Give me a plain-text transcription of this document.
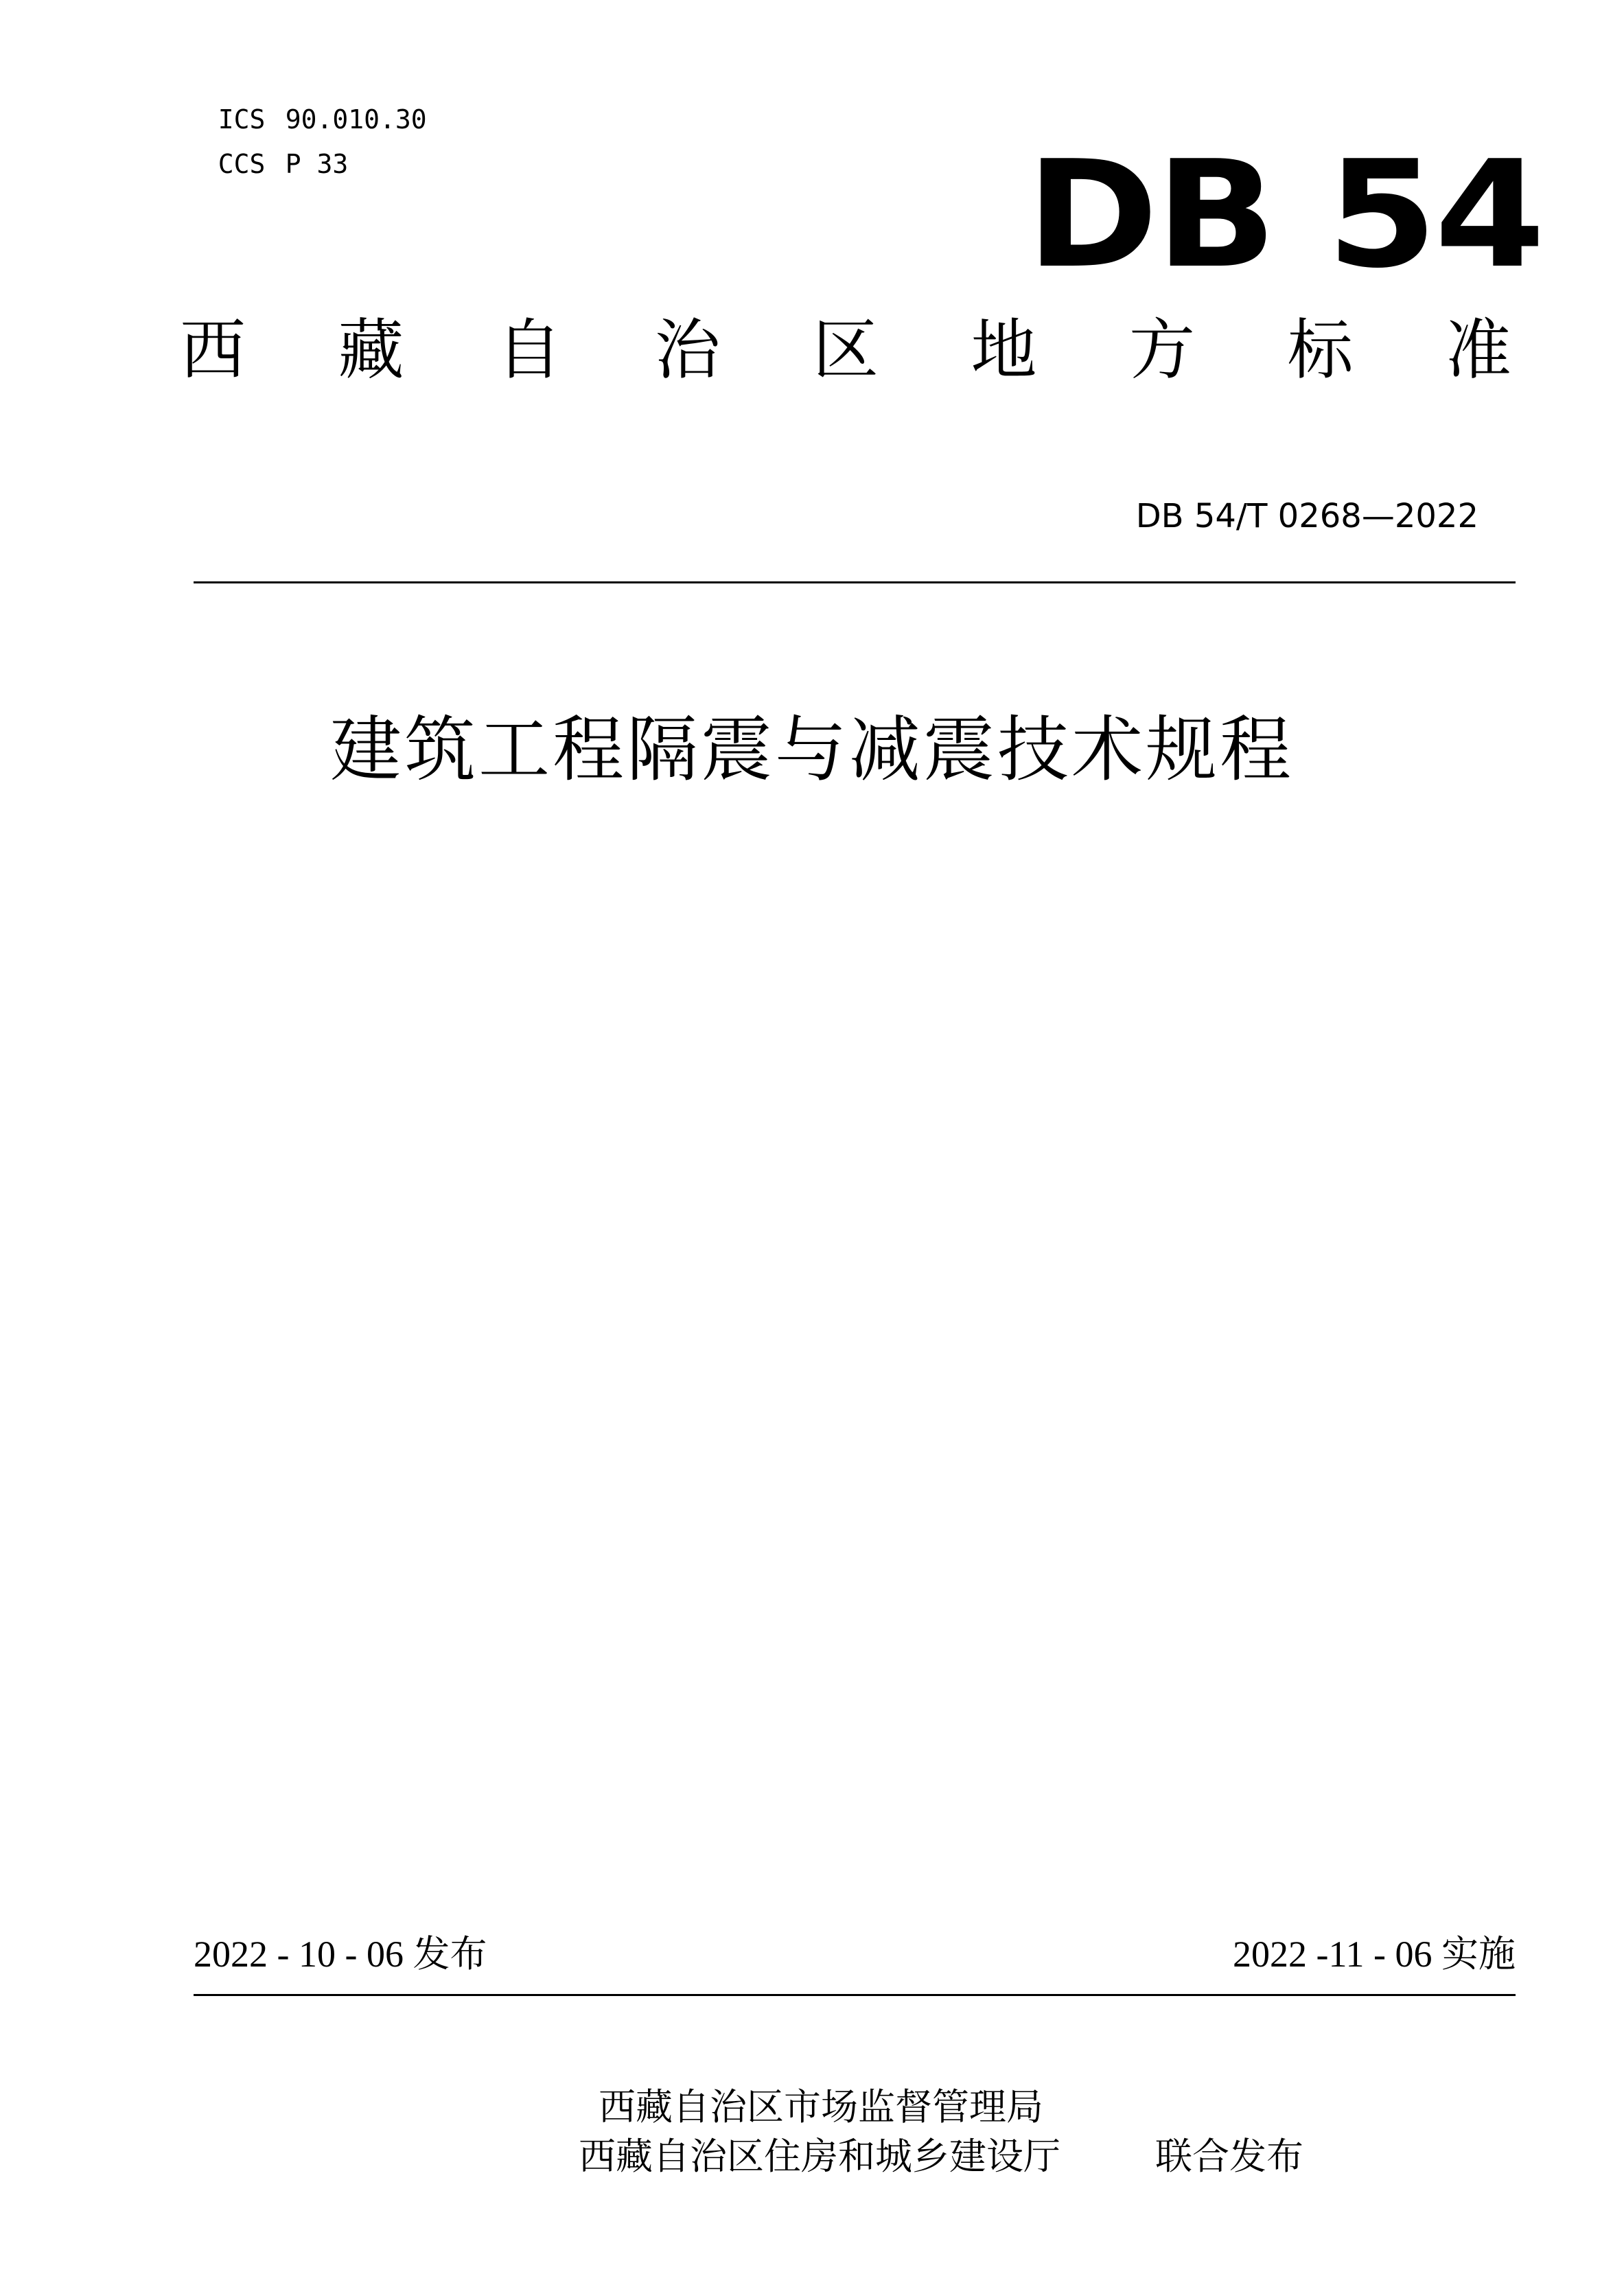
ICS 90.010.30

CCS P 33	DB 54
西 藏 自 治 区 地 方 标 准
DB 54/T 0268—2022
建筑工程隔震与减震技术规程
2022 - 10 - 06 发布	2022 -11 - 06 实施
西藏自治区市场监督管理局
西藏自治区住房和城乡建设厅	联合发布
